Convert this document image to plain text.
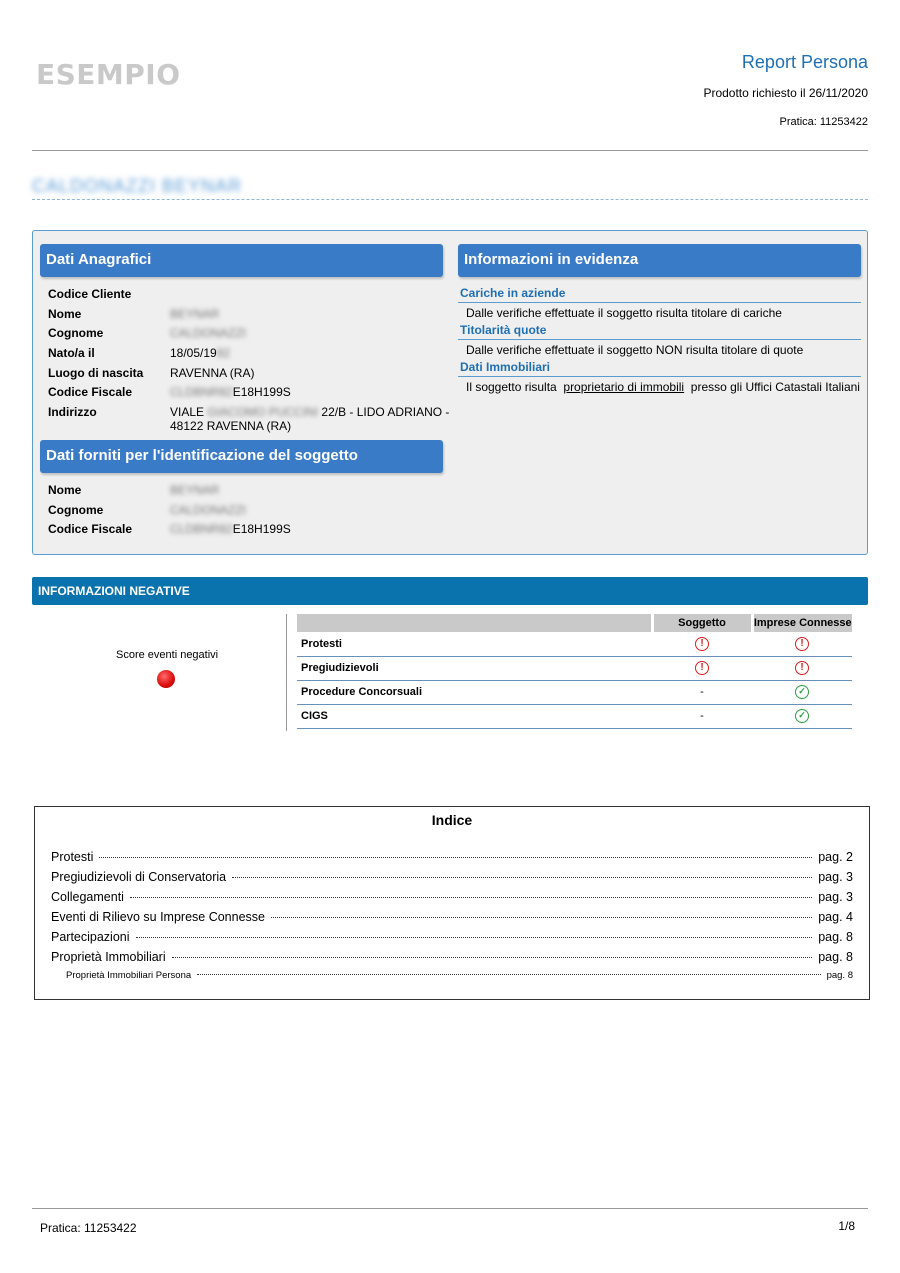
ESEMPIO	Report Persona
Prodotto richiesto il 26/11/2020
Pratica: 11253422
CALDONAZZI BEYNAR
Dati Anagrafici
Codice Cliente
Nome	BEYNAR
Cognome	CALDONAZZI
Nato/a il	18/05/1982
Luogo di nascita RAVENNA (RA)
Codice Fiscale	CLDBNR82E18H199S
Indirizzo	VIALE GIACOMO PUCCINI 22/B - LIDO ADRIANO -
48122 RAVENNA (RA)
Dati forniti per l'identificazione del soggetto
Nome	BEYNAR
Cognome	CALDONAZZI
Codice Fiscale	CLDBNR82E18H199S
Informazioni in evidenza
Cariche in aziende
Dalle verifiche effettuate il soggetto risulta titolare di cariche
Titolarità quote
Dalle verifiche effettuate il soggetto NON risulta titolare di quote
Dati Immobiliari
Il soggetto risulta proprietario di immobili presso gli Uffici Catastali Italiani
INFORMAZIONI NEGATIVE
Score eventi negativi
	Soggetto	Imprese Connesse
Protesti	!	!
Pregiudizievoli	!	!
Procedure Concorsuali	-	✓
CIGS	-	✓
Indice
Protesti	pag. 2
Pregiudizievoli di Conservatoria	pag. 3
Collegamenti	pag. 3
Eventi di Rilievo su Imprese Connesse	pag. 4
Partecipazioni	pag. 8
Proprietà Immobiliari	pag. 8
Proprietà Immobiliari Persona	pag. 8
Pratica: 11253422	1/8
